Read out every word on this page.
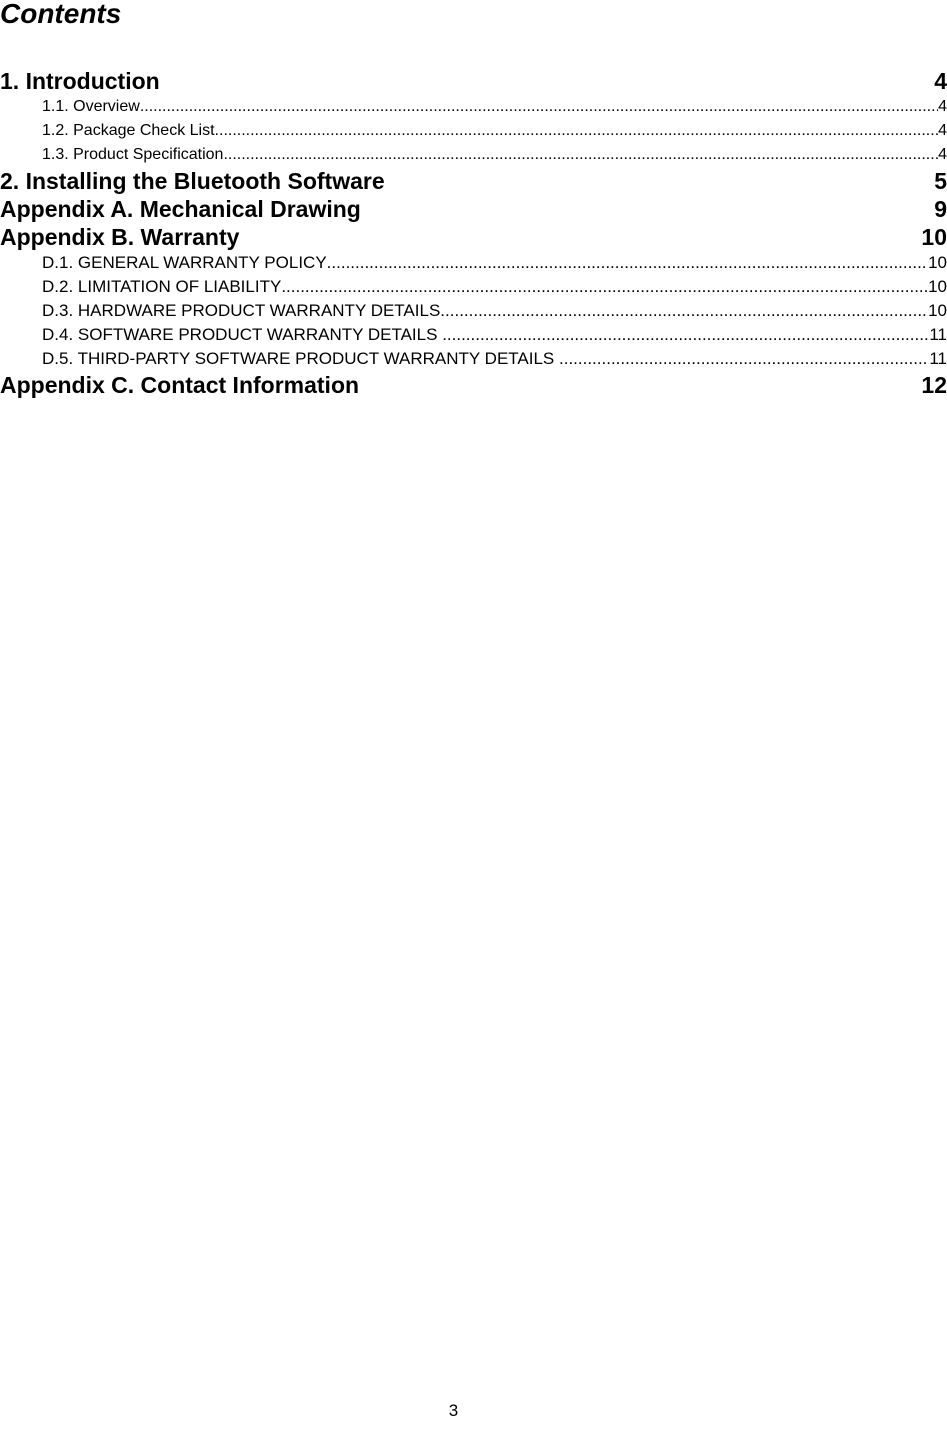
Contents
1. Introduction	4
1.1. Overview .....	4
1.2. Package Check List .....	4
1.3. Product Specification .....	4
2. Installing the Bluetooth Software	5
Appendix A. Mechanical Drawing	9
Appendix B. Warranty	10
D.1. GENERAL WARRANTY POLICY .....	10
D.2. LIMITATION OF LIABILITY .....	10
D.3. HARDWARE PRODUCT WARRANTY DETAILS .....	10
D.4. SOFTWARE PRODUCT WARRANTY DETAILS .....	11
D.5. THIRD-PARTY SOFTWARE PRODUCT WARRANTY DETAILS .....	11
Appendix C. Contact Information	12
3
